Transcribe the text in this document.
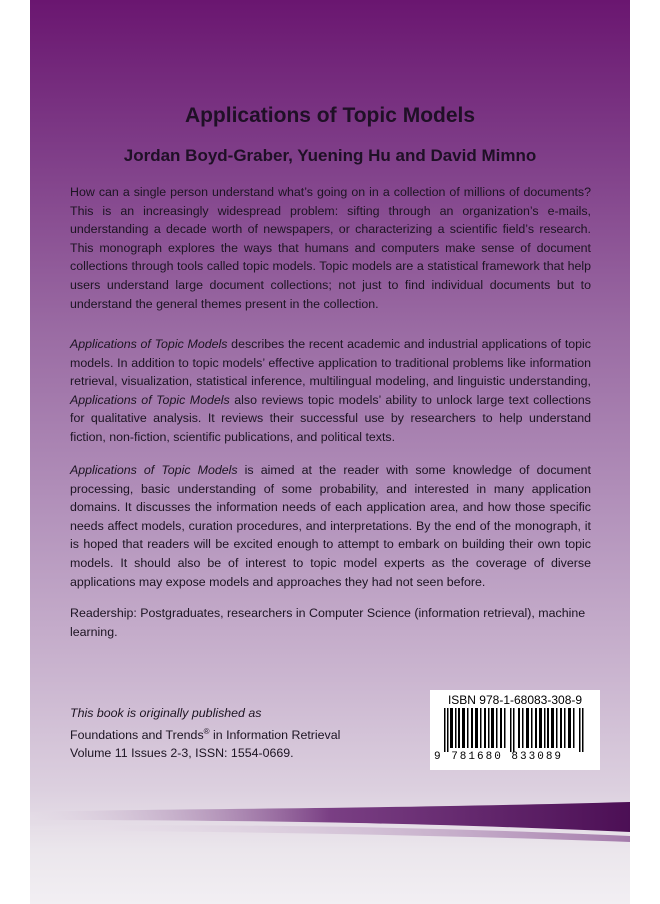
Applications of Topic Models
Jordan Boyd-Graber, Yuening Hu and David Mimno

How can a single person understand what’s going on in a collection of millions of documents? This is an increasingly widespread problem: sifting through an organization’s e-mails, understanding a decade worth of newspapers, or characterizing a scientific field’s research. This monograph explores the ways that humans and computers make sense of document collections through tools called topic models. Topic models are a statistical framework that help users understand large document collections; not just to find individual documents but to understand the general themes present in the collection.

Applications of Topic Models describes the recent academic and industrial applications of topic models. In addition to topic models’ effective application to traditional problems like information retrieval, visualization, statistical inference, multilingual modeling, and linguistic understanding, Applications of Topic Models also reviews topic models’ ability to unlock large text collections for qualitative analysis. It reviews their successful use by researchers to help understand fiction, non-fiction, scientific publications, and political texts.

Applications of Topic Models is aimed at the reader with some knowledge of document processing, basic understanding of some probability, and interested in many application domains. It discusses the information needs of each application area, and how those specific needs affect models, curation procedures, and interpretations. By the end of the monograph, it is hoped that readers will be excited enough to attempt to embark on building their own topic models. It should also be of interest to topic model experts as the coverage of diverse applications may expose models and approaches they had not seen before.

Readership: Postgraduates, researchers in Computer Science (information retrieval), machine learning.

This book is originally published as
Foundations and Trends® in Information Retrieval
Volume 11 Issues 2-3, ISSN: 1554-0669.
ISBN 978-1-68083-308-9
9 781680 833089
